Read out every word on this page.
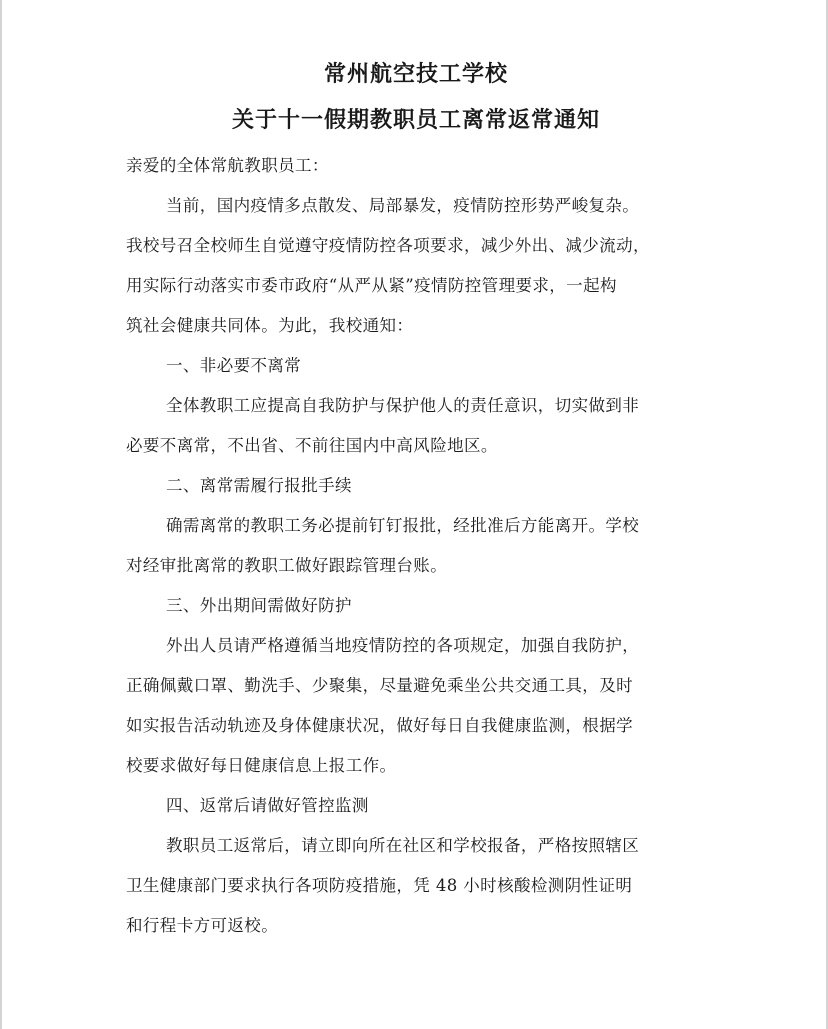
常州航空技工学校
关于十一假期教职员工离常返常通知

亲爱的全体常航教职员工：

当前，国内疫情多点散发、局部暴发，疫情防控形势严峻复杂。

我校号召全校师生自觉遵守疫情防控各项要求，减少外出、减少流动，

用实际行动落实市委市政府“从严从紧”疫情防控管理要求，一起构

筑社会健康共同体。为此，我校通知：

一、非必要不离常

全体教职工应提高自我防护与保护他人的责任意识，切实做到非

必要不离常，不出省、不前往国内中高风险地区。

二、离常需履行报批手续

确需离常的教职工务必提前钉钉报批，经批准后方能离开。学校

对经审批离常的教职工做好跟踪管理台账。

三、外出期间需做好防护

外出人员请严格遵循当地疫情防控的各项规定，加强自我防护，

正确佩戴口罩、勤洗手、少聚集，尽量避免乘坐公共交通工具，及时

如实报告活动轨迹及身体健康状况，做好每日自我健康监测，根据学

校要求做好每日健康信息上报工作。

四、返常后请做好管控监测

教职员工返常后，请立即向所在社区和学校报备，严格按照辖区

卫生健康部门要求执行各项防疫措施，凭 48 小时核酸检测阴性证明

和行程卡方可返校。
